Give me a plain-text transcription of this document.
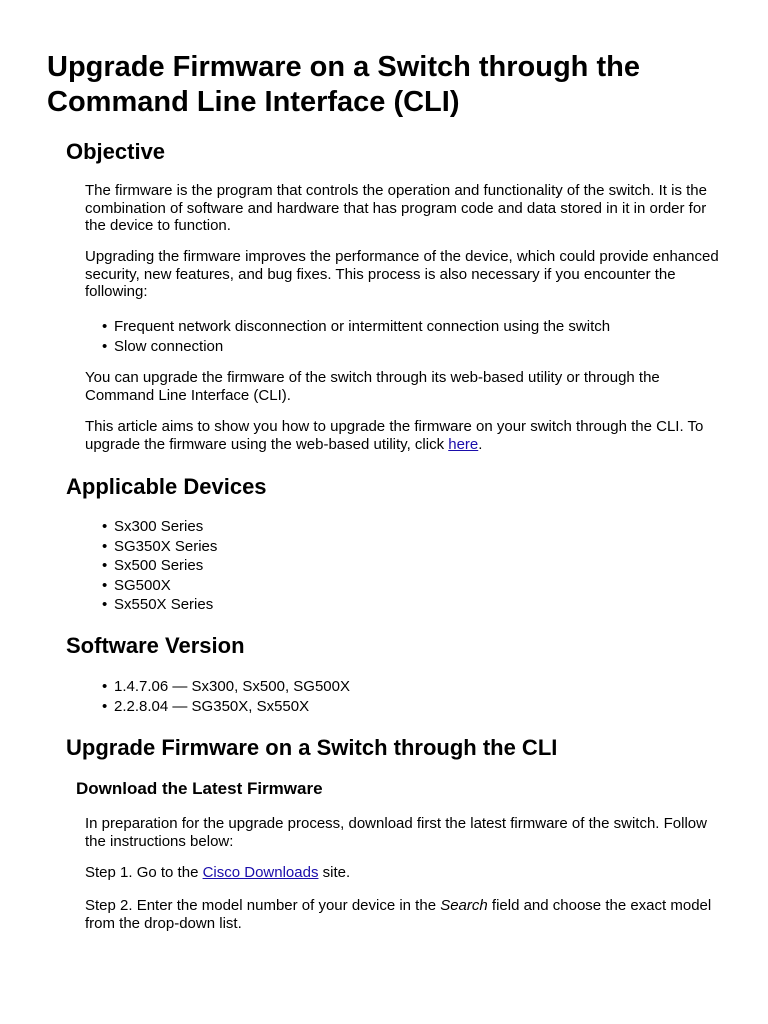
Upgrade Firmware on a Switch through the Command Line Interface (CLI)
Objective

The firmware is the program that controls the operation and functionality of the switch. It is the combination of software and hardware that has program code and data stored in it in order for the device to function.

Upgrading the firmware improves the performance of the device, which could provide enhanced security, new features, and bug fixes. This process is also necessary if you encounter the following:

• Frequent network disconnection or intermittent connection using the switch
• Slow connection

You can upgrade the firmware of the switch through its web-based utility or through the Command Line Interface (CLI).

This article aims to show you how to upgrade the firmware on your switch through the CLI. To upgrade the firmware using the web-based utility, click here.

Applicable Devices
• Sx300 Series
• SG350X Series
• Sx500 Series
• SG500X
• Sx550X Series
Software Version
• 1.4.7.06 — Sx300, Sx500, SG500X
• 2.2.8.04 — SG350X, Sx550X
Upgrade Firmware on a Switch through the CLI
Download the Latest Firmware

In preparation for the upgrade process, download first the latest firmware of the switch. Follow the instructions below:

Step 1. Go to the Cisco Downloads site.

Step 2. Enter the model number of your device in the Search field and choose the exact model from the drop-down list.
